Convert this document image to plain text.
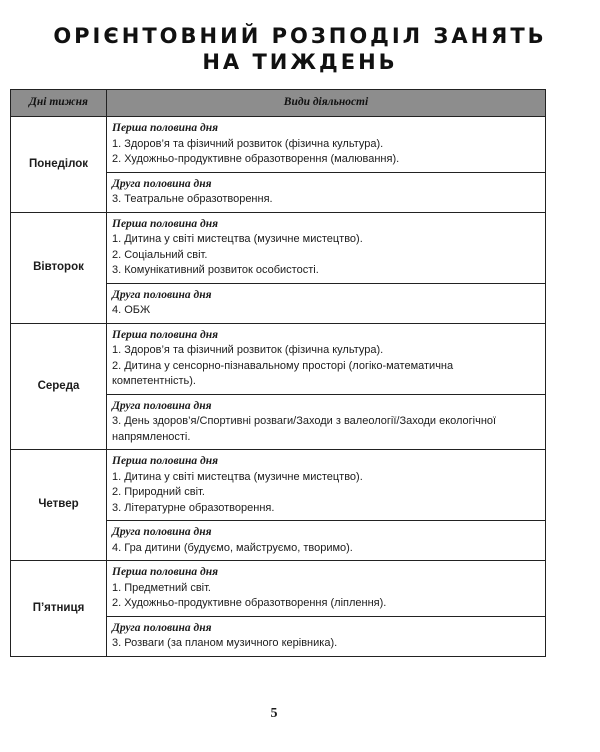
ОРІЄНТОВНИЙ РОЗПОДІЛ ЗАНЯТЬ
НА ТИЖДЕНЬ
Дні тижня	Види діяльності
Понеділок	Перша половина дня
1. Здоров’я та фізичний розвиток (фізична культура).
2. Художньо-продуктивне образотворення (малювання).

	Друга половина дня
3. Театральне образотворення.

Вівторок	Перша половина дня
1. Дитина у світі мистецтва (музичне мистецтво).
2. Соціальний світ.
3. Комунікативний розвиток особистості.

	Друга половина дня
4. ОБЖ

Середа	Перша половина дня
1. Здоров’я та фізичний розвиток (фізична культура).
2. Дитина у сенсорно-пізнавальному просторі (логіко-математична компетентність).

	Друга половина дня
3. День здоров’я/Спортивні розваги/Заходи з валеології/Заходи екологічної напрямленості.

Четвер	Перша половина дня
1. Дитина у світі мистецтва (музичне мистецтво).
2. Природний світ.
3. Літературне образотворення.

	Друга половина дня
4. Гра дитини (будуємо, майструємо, творимо).

П’ятниця	Перша половина дня
1. Предметний світ.
2. Художньо-продуктивне образотворення (ліплення).

	Друга половина дня
3. Розваги (за планом музичного керівника).
5
